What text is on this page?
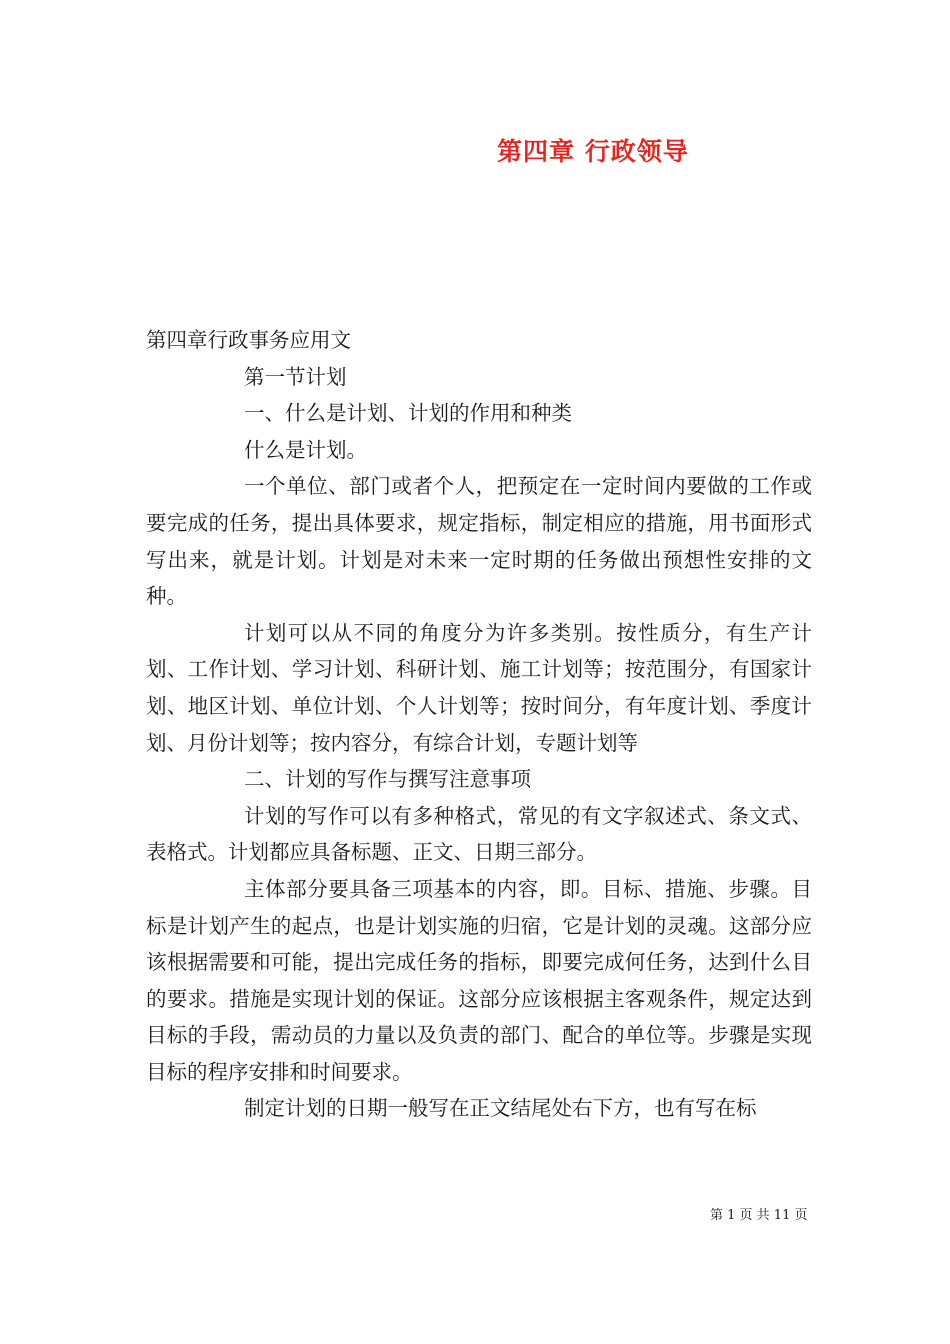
第四章 行政领导

第四章行政事务应用文

第一节计划

一、什么是计划、计划的作用和种类

什么是计划。

一个单位、部门或者个人，把预定在一定时间内要做的工作或要完成的任务，提出具体要求，规定指标，制定相应的措施，用书面形式写出来，就是计划。计划是对未来一定时期的任务做出预想性安排的文种。

计划可以从不同的角度分为许多类别。按性质分，有生产计划、工作计划、学习计划、科研计划、施工计划等；按范围分，有国家计划、地区计划、单位计划、个人计划等；按时间分，有年度计划、季度计划、月份计划等；按内容分，有综合计划，专题计划等

二、计划的写作与撰写注意事项

计划的写作可以有多种格式，常见的有文字叙述式、条文式、表格式。计划都应具备标题、正文、日期三部分。

主体部分要具备三项基本的内容，即。目标、措施、步骤。目标是计划产生的起点，也是计划实施的归宿，它是计划的灵魂。这部分应该根据需要和可能，提出完成任务的指标，即要完成何任务，达到什么目的要求。措施是实现计划的保证。这部分应该根据主客观条件，规定达到目标的手段，需动员的力量以及负责的部门、配合的单位等。步骤是实现目标的程序安排和时间要求。

制定计划的日期一般写在正文结尾处右下方，也有写在标

第 1 页 共 11 页
